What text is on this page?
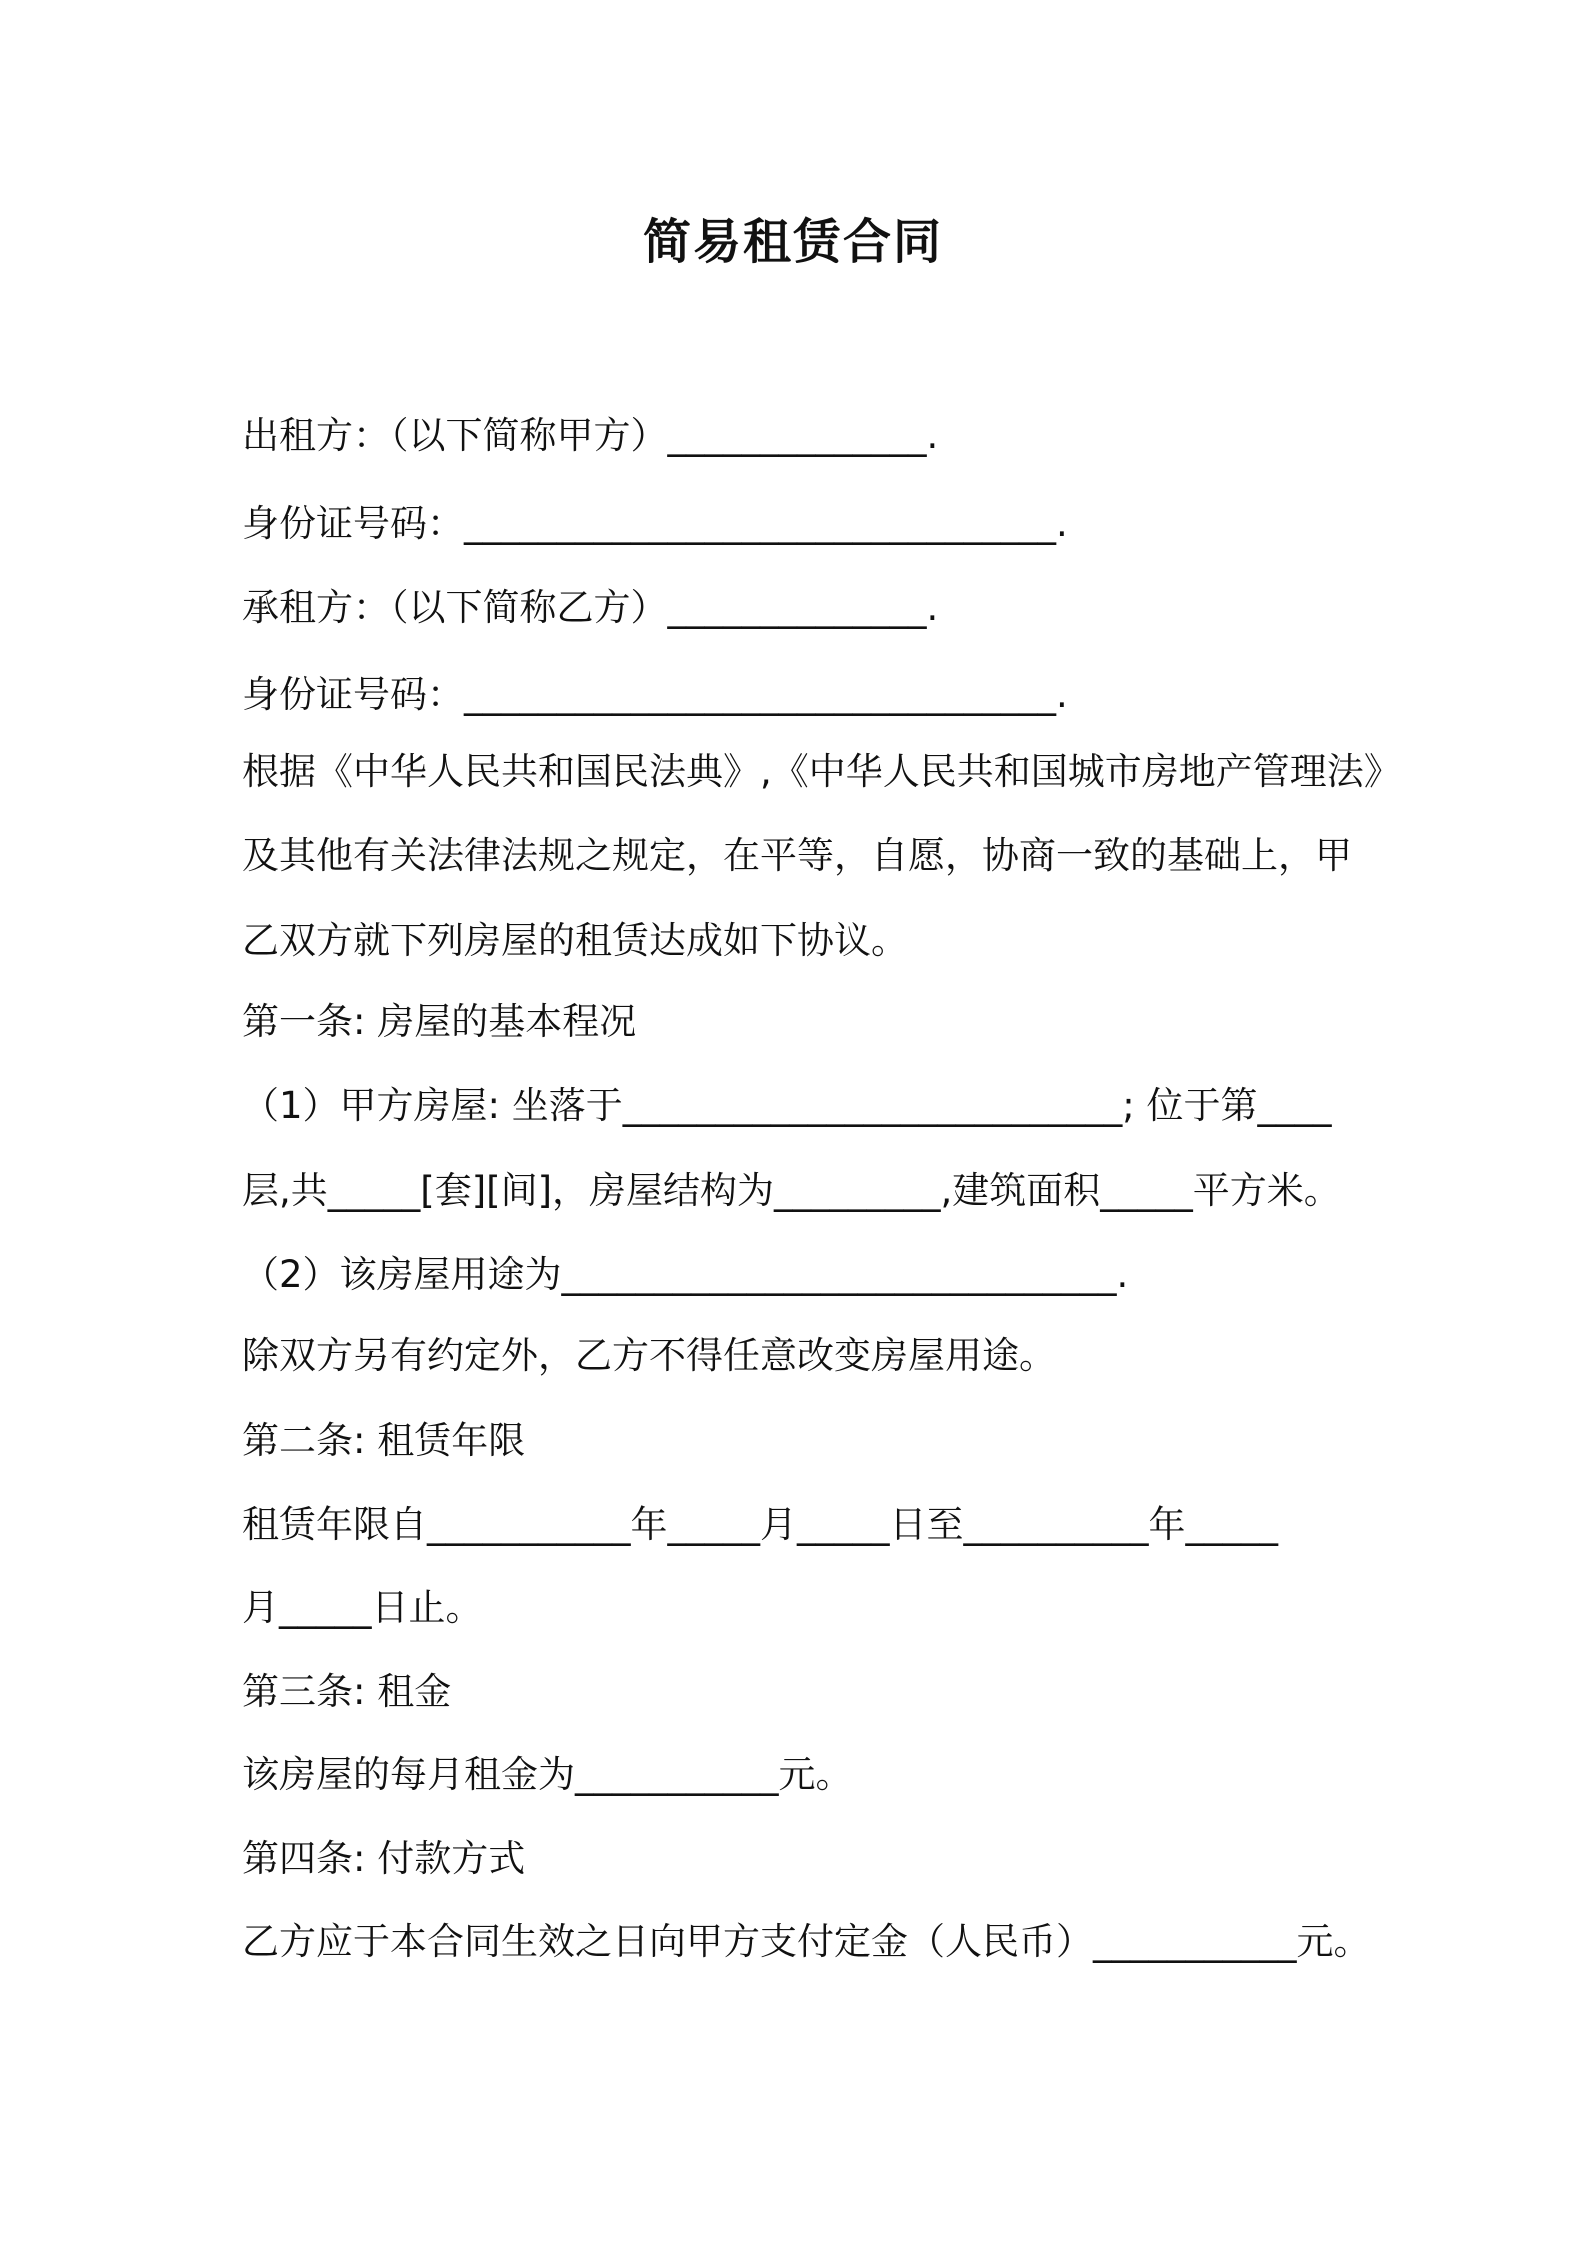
简易租赁合同
出租方：（以下简称甲方）______________.
身份证号码：________________________________.
承租方：（以下简称乙方）______________.
身份证号码：________________________________.
根据《中华人民共和国民法典》,《中华人民共和国城市房地产管理法》
及其他有关法律法规之规定，在平等，自愿，协商一致的基础上，甲
乙双方就下列房屋的租赁达成如下协议。
第一条: 房屋的基本程况
（1）甲方房屋: 坐落于___________________________; 位于第____
层,共_____[套][间]，房屋结构为_________,建筑面积_____平方米。
（2）该房屋用途为______________________________.
除双方另有约定外，乙方不得任意改变房屋用途。
第二条: 租赁年限
租赁年限自___________年_____月_____日至__________年_____
月_____日止。
第三条: 租金
该房屋的每月租金为___________元。
第四条: 付款方式
乙方应于本合同生效之日向甲方支付定金（人民币）___________元。
